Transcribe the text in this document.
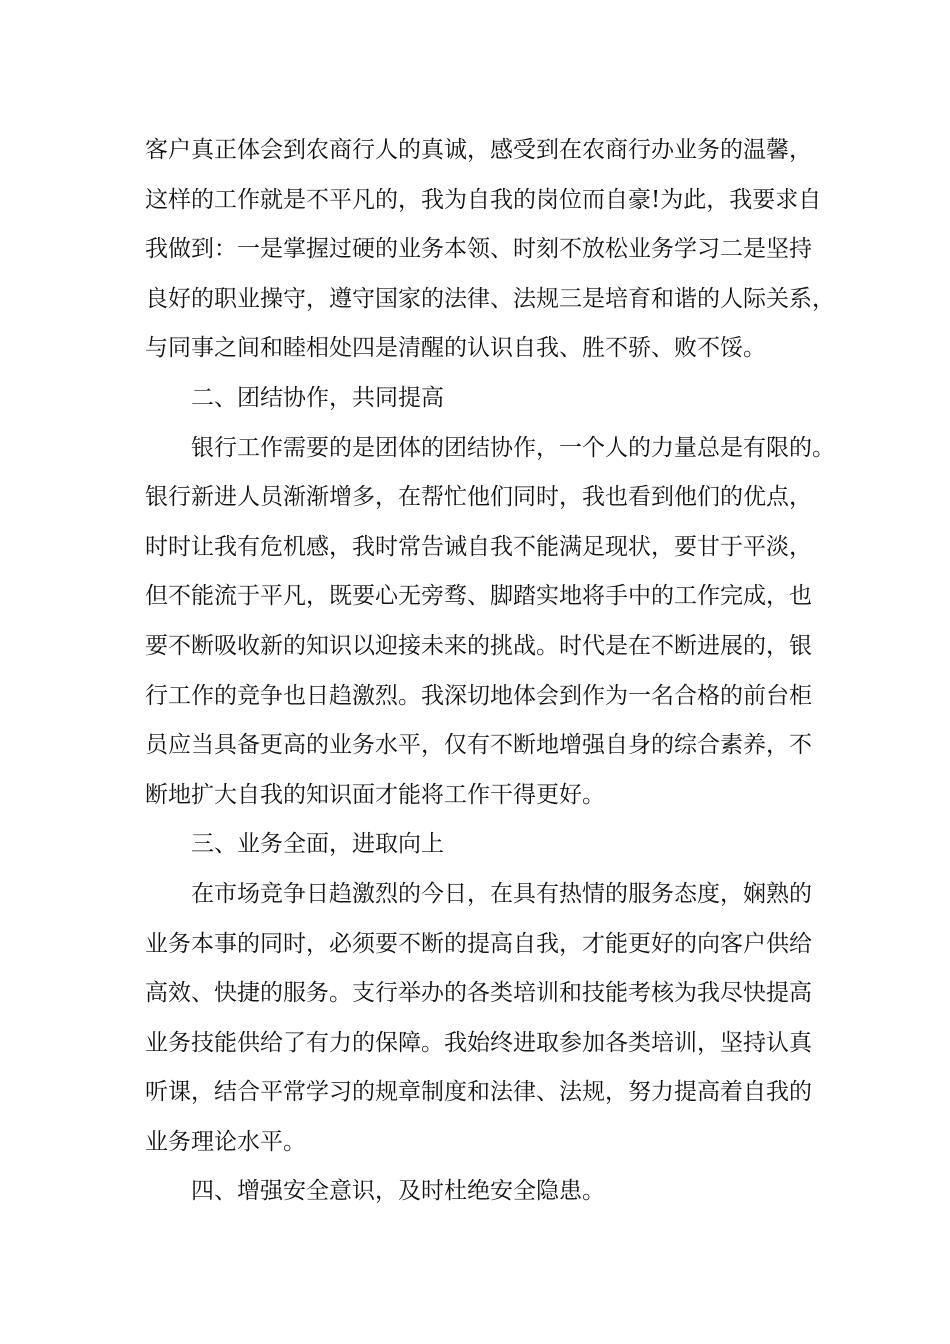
客户真正体会到农商行人的真诚，感受到在农商行办业务的温馨，
这样的工作就是不平凡的，我为自我的岗位而自豪!为此，我要求自
我做到：一是掌握过硬的业务本领、时刻不放松业务学习二是坚持
良好的职业操守，遵守国家的法律、法规三是培育和谐的人际关系，
与同事之间和睦相处四是清醒的认识自我、胜不骄、败不馁。
二、团结协作，共同提高
银行工作需要的是团体的团结协作，一个人的力量总是有限的。
银行新进人员渐渐增多，在帮忙他们同时，我也看到他们的优点，
时时让我有危机感，我时常告诫自我不能满足现状，要甘于平淡，
但不能流于平凡，既要心无旁骛、脚踏实地将手中的工作完成，也
要不断吸收新的知识以迎接未来的挑战。时代是在不断进展的，银
行工作的竞争也日趋激烈。我深切地体会到作为一名合格的前台柜
员应当具备更高的业务水平，仅有不断地增强自身的综合素养，不
断地扩大自我的知识面才能将工作干得更好。
三、业务全面，进取向上
在市场竞争日趋激烈的今日，在具有热情的服务态度，娴熟的
业务本事的同时，必须要不断的提高自我，才能更好的向客户供给
高效、快捷的服务。支行举办的各类培训和技能考核为我尽快提高
业务技能供给了有力的保障。我始终进取参加各类培训，坚持认真
听课，结合平常学习的规章制度和法律、法规，努力提高着自我的
业务理论水平。
四、增强安全意识，及时杜绝安全隐患。
